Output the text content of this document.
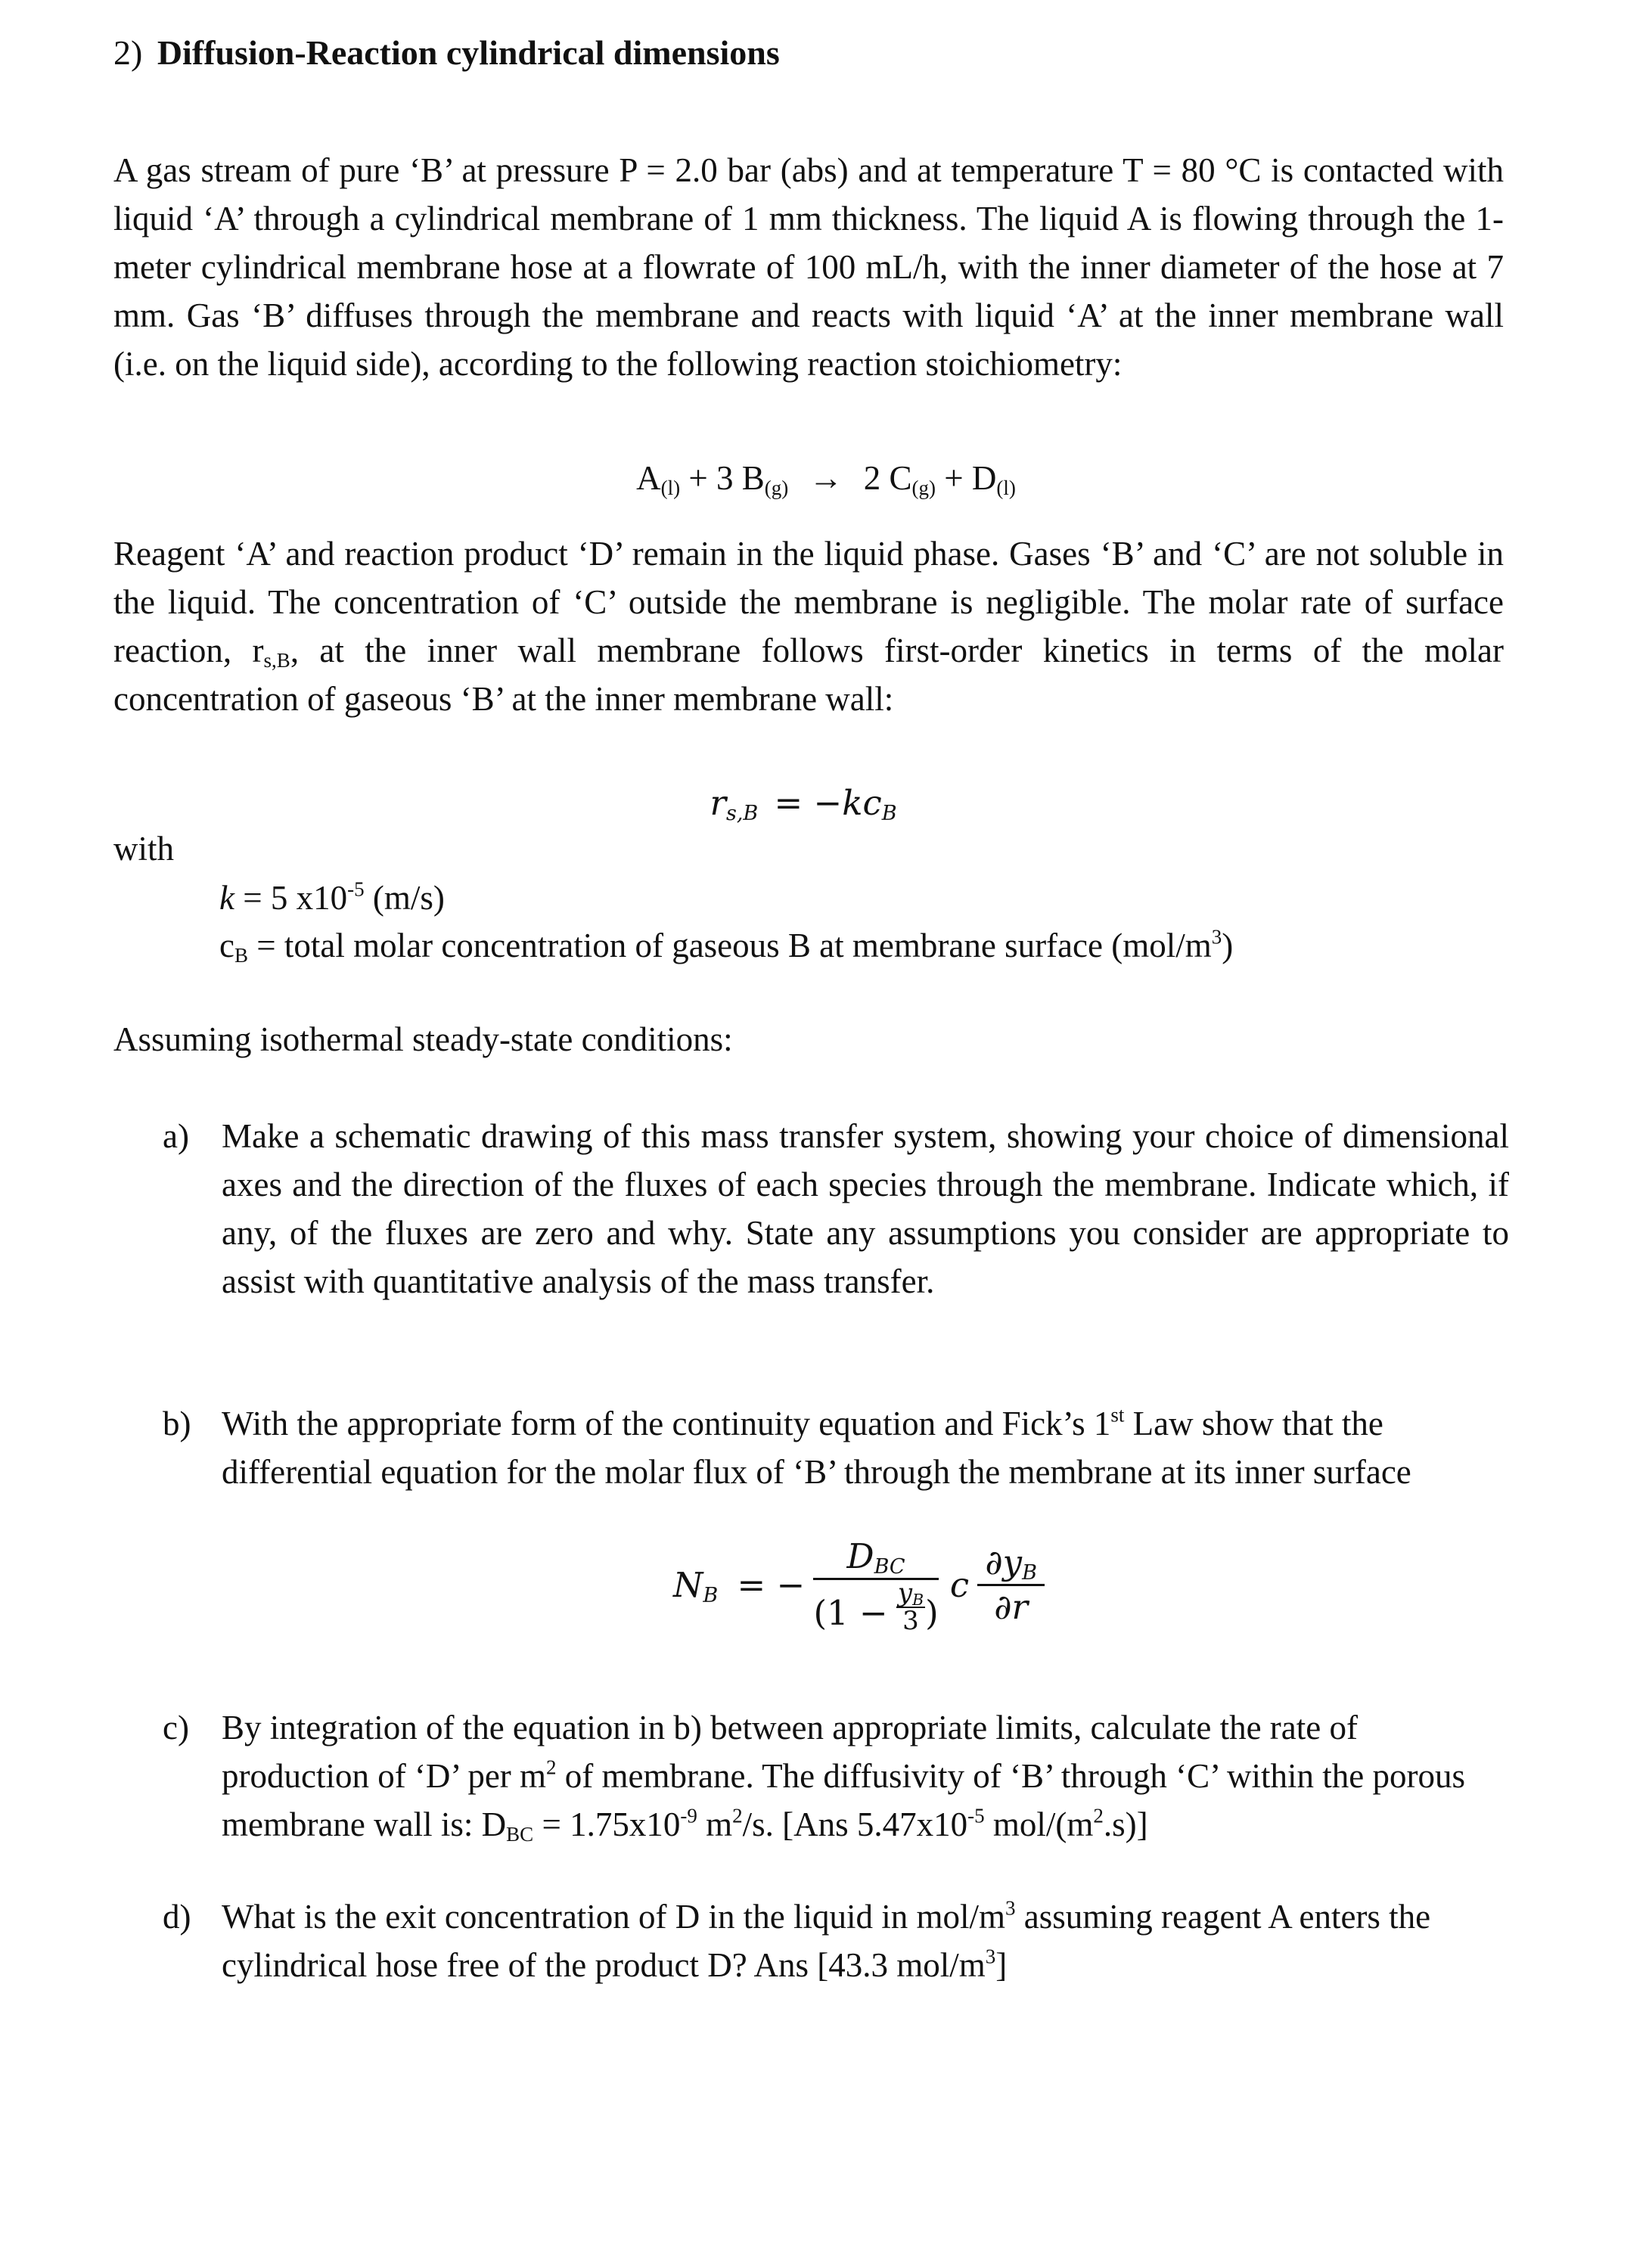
2) Diffusion-Reaction cylindrical dimensions
A gas stream of pure ‘B’ at pressure P = 2.0 bar (abs) and at temperature T = 80 °C is contacted with liquid ‘A’ through a cylindrical membrane of 1 mm thickness. The liquid A is flowing through the 1-meter cylindrical membrane hose at a flowrate of 100 mL/h, with the inner diameter of the hose at 7 mm. Gas ‘B’ diffuses through the membrane and reacts with liquid ‘A’ at the inner membrane wall (i.e. on the liquid side), according to the following reaction stoichiometry:
$A_{(l)} + 3$ $B_{(g)} \to 2$ $C_{(g)} + D_{(l)}$
Reagent ‘A’ and reaction product ‘D’ remain in the liquid phase. Gases ‘B’ and ‘C’ are not soluble in the liquid. The concentration of ‘C’ outside the membrane is negligible. The molar rate of surface reaction, $r_{s,B}$, at the inner wall membrane follows first-order kinetics in terms of the molar concentration of gaseous ‘B’ at the inner membrane wall:
$r_{s,B} = -kc_B$
with
k = 5 $x10^{-5}$ (m/s)
$c_B$ = total molar concentration of gaseous B at membrane surface $(mol/m^3)$
Assuming isothermal steady-state conditions:
a) Make a schematic drawing of this mass transfer system, showing your choice of dimensional axes and the direction of the fluxes of each species through the membrane. Indicate which, if any, of the fluxes are zero and why. State any assumptions you consider are appropriate to assist with quantitative analysis of the mass transfer.
b) With the appropriate form of the continuity equation and Fick’s 1st Law show that the differential equation for the molar flux of ‘B’ through the membrane at its inner surface
$N_B$ = − $\frac{D_{BC}}{(1 - \frac{y_B}{3} )}$ c $\frac{\partial y_B}{\partial r}$
c) By integration of the equation in b) between appropriate limits, calculate the rate of production of ‘D’ per $m^2$ of membrane. The diffusivity of ‘B’ through ‘C’ within the porous membrane wall is: $D_{BC} = 1.75x10^{-9}$ $m^2/s$. [Ans $5.47x10^{-5}$ mol/$(m^2.s)$]
d) What is the exit concentration of D in the liquid in mol/$m^3$ assuming reagent A enters the cylindrical hose free of the product D? Ans [43.3 mol/$m^3$]
